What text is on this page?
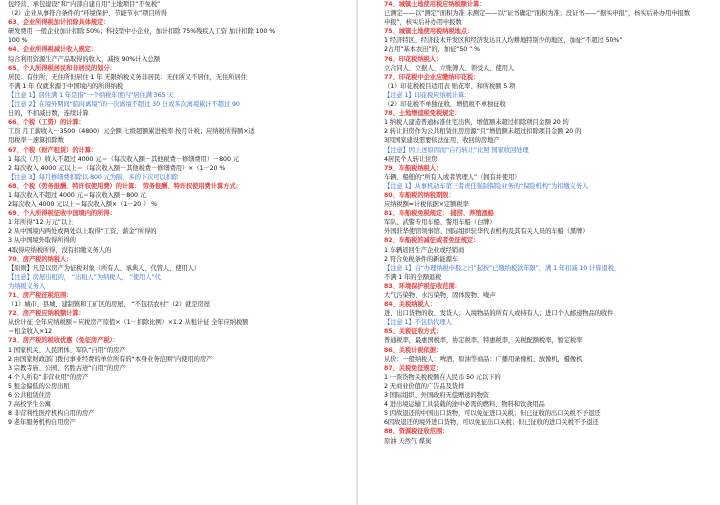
包经营、承包建设”和“内部自建自用”土地项目“不免税”
（2）企业从事符合条件的“环境保护、节能节水”项目所得
63、企业所得税加计扣除具体规定：
研发费用 一般企业加计扣除 50%；科技型中小企业，加计扣除 75%残疾人工资 加计扣除 100 %
100 %
64、企业所得税减计收入规定：
综合利用资源生产产品取得的收入，减按 90%计入总额
65、个人所得税居民和非居民的划分：
居民：有住所，无住所但居住 1 年 无限纳税义务非居民：无住所又不居住，无住所居住
不满 1 年 仅就来源于中国境内的所得纳税
【注意 1】居住满 1 年是指“一个纳税年度内”居住满 365 天
【注意 2】在境外期间“临时离境”的一次离境不超过 30 日或多次离境累计不超过 90
日的，不扣减日数，连续计算
66、个税（工资）的计算：
工资 月工薪收入－3500（4800）元全额 七级超额累进税率 按月计税；应纳税所得额×适
用税率－速算扣除数
67、个税（财产租赁）的计算：
1 每次（月）收入不超过 4000 元＝（每次收入额－其他税费－修缮费用）－800 元
2 每次收入 4000 元以上＝（每次收入额－其他税费－修缮费用）×（1－20 %
【注意 3】每月修缮费扣除以 800 元为限，多的下次可以扣除
68、个税（劳务报酬、特许权使用费）的计算： 劳务报酬、特许权使用费计算方式：
1 每次收入不超过 4000 元＝每次收入额－800 元
2每次收入 4000 元以上＝每次收入额×（1－20 ） %
69、个人所得税征收中国境内的所得：
1 年所得“12 万元”以上
2 从中国境内两处或两处以上取得“工资、薪金”所得的
3 从中国境外取得所得的
4取得应纳税所得，没有扣缴义务人的
70、房产税的纳税人：
【原则】凡是以房产为征税对象（所有人、承典人、代管人、使用人）
【注意】房屋出租的， “出租人”为纳税人， “使用人”代
为纳税义务人
71、房产税征税范围：
（1）城市、县城、建制镇和工矿区的房屋， “不包括农村”（2）就是房屋
72、房产税应纳税额计算：
从价计征 全年应纳税额＝应税房产原值×（1－扣除比例）×1.2 从租计征 全年应纳税额
＝租金收入×12
73、房产税的税收优惠（免征房产税）：
1 国家机关、人民团体、军队“自用”的房产
2 由国家财政部门拨付事业经费的单位所有的“本身业务范围”内使用的房产
3 宗教寺庙、公园、名胜古迹“自用”的房产
4 个人所有“非营业用”的房产
5 租金偏低的公房出租
6 公共租赁住房
7 高校学生公寓
8 非营利性医疗机构自用的房产
9 老年服务机构自用房产
74、城镇土地使用税应纳税额计算：
已测定——以“测定”面积为准 未测定——以“证书确定”面积为准；没证书——“据实申报”，核实后补办用申报数
申报”，核实后补办用申报数
75、城镇土地使用税纳税地点：
1 经济特区、经济技术开发区和经济发达且人均耕地特别少的地区，加征“不超过 50%”
2占用“基本农田”的，加征“50 ” %
76、印花税纳税人：
立合同人、立据人、立账簿人、领受人、使用人
77、印花税中企业应缴纳印花税：
（1）印花税税目适用表 贴花率、和所税额 5 项
【注意 1】印花税应纳税计算：
（2）印花税不单独征收，增值税不单独征收
78、土地增值税免税规定：
1 纳税人建造普通标准住宅出售，增值额未超过扣除项目金额 20 的
2 转让旧房作为公共租赁住房房源“且”增值额未超过扣除项目金额 20 的
3因国家建设需要依法征用、收回的房地产
【注意】因上述原因而“自行转让”比照 国家收回处理
4居民个人转让住房
79、车船税纳税人：
车辆、船舶的“所有人或者管理人”（拥有并使用）
【注意 1】从事机动车第三者责任强制保险业务的“保险机构”为扣缴义务人
80、车船税的纳税期限：
应纳税额=计税依据×定额税率
81、车船税免税规定： 捕捞、养殖渔船
军队、武警专用车船、警用车船（白牌）
外国驻华使馆领事馆、国际组织驻华代表机构及其有关人员的车船（黑牌）
82、车船税的减征或者免征规定：
1 车辆返回生产企业或经销商
2 符合免税条件的新能源车
【注意 1】自“办理纳税申报之日”起按“已缴纳税款年限”，满 1 年扣减 10 计算退税，
不满 1 年的全额退税
83、环境保护税征收范围：
大气污染物、水污染物、固体废物、噪声
84、关税纳税人：
进、出口货物的收、发货人；入境物品的所有人或持有人；进口个人邮递物品的收件
【注意 1】不包括代理人
85、关税征收方式：
普通税率，最惠国税率，协定税率，特惠税率，关税配额税率，暂定税率
86、关税计税依据：
从价：一般纳税人：啤酒，原油等商品：广播用录像机、放像机，摄像机
87、关税免征规定：
1 一票货物关税税额在人民币 50 元以下的
2 无商业价值的广告品及货样
3 国际组织、外国政府无偿赠送的物资
4 进出境运输工具装载的途中必需的燃料、物料和饮食用品
5 因故退还的中国出口货物，可以免征进口关税；但已征收的出口关税不予退还
6因故退还的境外进口货物，可以免征出口关税；但已征收的进口关税不予退还
88、资源税征收范围：
原油 天然气 煤炭
